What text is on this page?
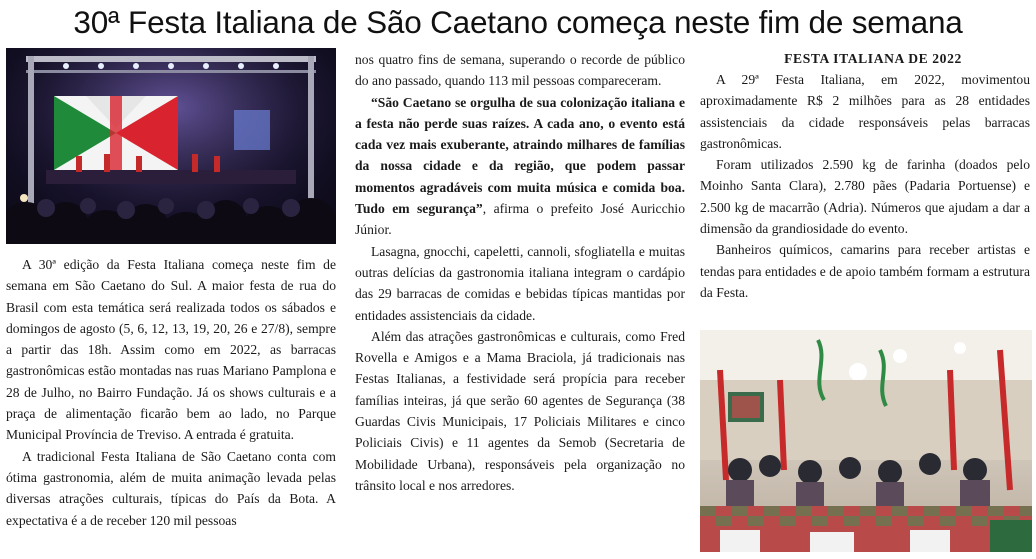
30ª Festa Italiana de São Caetano começa neste fim de semana

A 30ª edição da Festa Italiana começa neste fim de semana em São Caetano do Sul. A maior festa de rua do Brasil com esta temática será realizada todos os sábados e domingos de agosto (5, 6, 12, 13, 19, 20, 26 e 27/8), sempre a partir das 18h. Assim como em 2022, as barracas gastronômicas estão montadas nas ruas Mariano Pamplona e 28 de Julho, no Bairro Fundação. Já os shows culturais e a praça de alimentação ficarão bem ao lado, no Parque Municipal Província de Treviso. A entrada é gratuita.

A tradicional Festa Italiana de São Caetano conta com ótima gastronomia, além de muita animação levada pelas diversas atrações culturais, típicas do País da Bota. A expectativa é a de receber 120 mil pessoas

nos quatro fins de semana, superando o recorde de público do ano passado, quando 113 mil pessoas compareceram.

“São Caetano se orgulha de sua colonização italiana e a festa não perde suas raízes. A cada ano, o evento está cada vez mais exuberante, atraindo milhares de famílias da nossa cidade e da região, que podem passar momentos agradáveis com muita música e comida boa. Tudo em segurança”, afirma o prefeito José Auricchio Júnior.

Lasagna, gnocchi, capeletti, cannoli, sfogliatella e muitas outras delícias da gastronomia italiana integram o cardápio das 29 barracas de comidas e bebidas típicas mantidas por entidades assistenciais da cidade.

Além das atrações gastronômicas e culturais, como Fred Rovella e Amigos e a Mama Braciola, já tradicionais nas Festas Italianas, a festividade será propícia para receber famílias inteiras, já que serão 60 agentes de Segurança (38 Guardas Civis Municipais, 17 Policiais Militares e cinco Policiais Civis) e 11 agentes da Semob (Secretaria de Mobilidade Urbana), responsáveis pela organização no trânsito local e nos arredores.

FESTA ITALIANA DE 2022

A 29ª Festa Italiana, em 2022, movimentou aproximadamente R$ 2 milhões para as 28 entidades assistenciais da cidade responsáveis pelas barracas gastronômicas.

Foram utilizados 2.590 kg de farinha (doados pelo Moinho Santa Clara), 2.780 pães (Padaria Portuense) e 2.500 kg de macarrão (Adria). Números que ajudam a dar a dimensão da grandiosidade do evento.

Banheiros químicos, camarins para receber artistas e tendas para entidades e de apoio também formam a estrutura da Festa.
